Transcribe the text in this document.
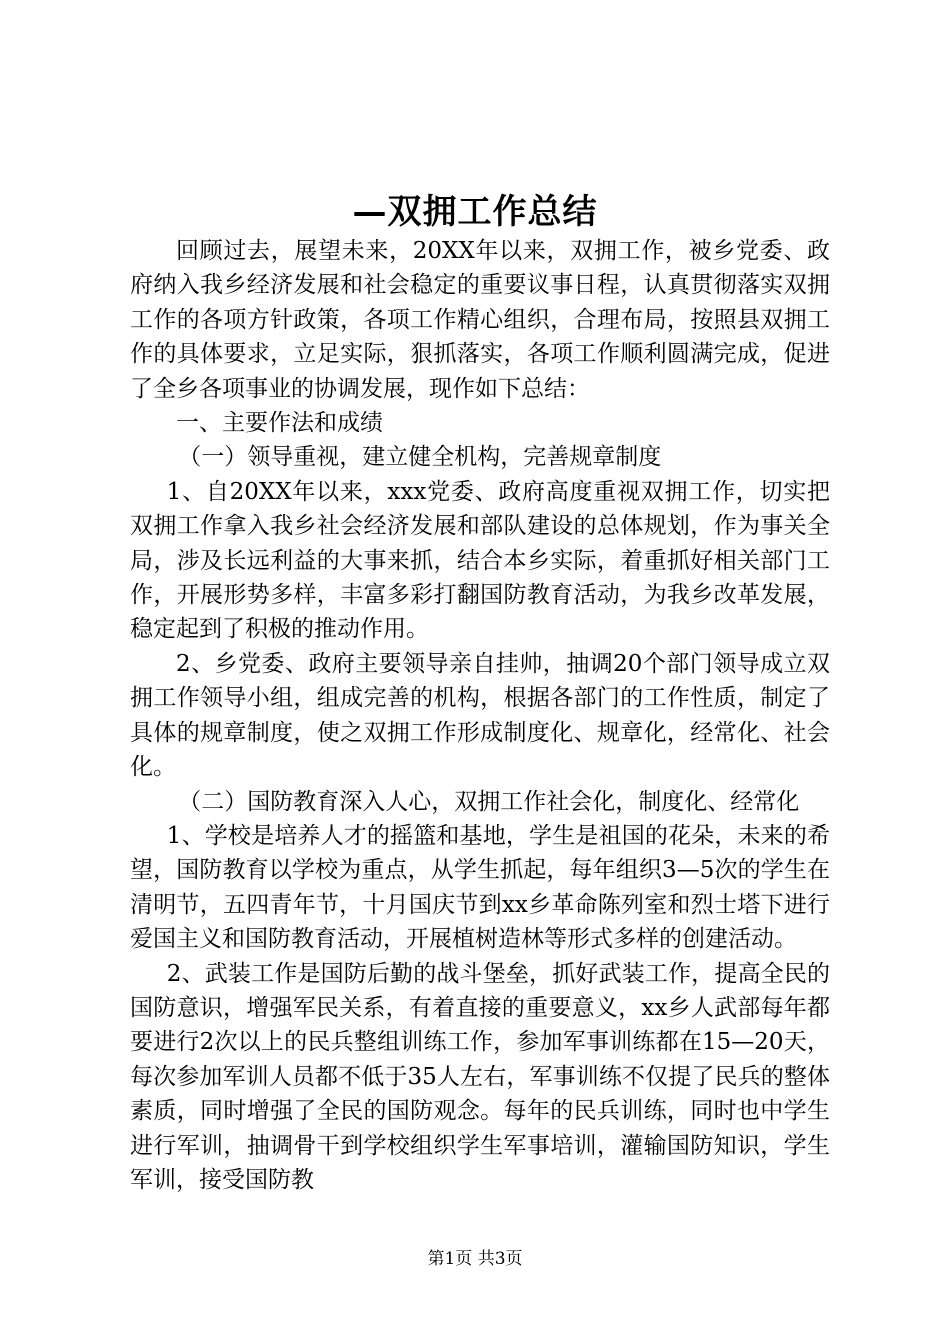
—双拥工作总结

回顾过去，展望未来，20XX年以来，双拥工作，被乡党委、政府纳入我乡经济发展和社会稳定的重要议事日程，认真贯彻落实双拥工作的各项方针政策，各项工作精心组织，合理布局，按照县双拥工作的具体要求，立足实际，狠抓落实，各项工作顺利圆满完成，促进了全乡各项事业的协调发展，现作如下总结：

一、主要作法和成绩

（一）领导重视，建立健全机构，完善规章制度

1、自20XX年以来，xxx党委、政府高度重视双拥工作，切实把双拥工作拿入我乡社会经济发展和部队建设的总体规划，作为事关全局，涉及长远利益的大事来抓，结合本乡实际，着重抓好相关部门工作，开展形势多样，丰富多彩打翻国防教育活动，为我乡改革发展，稳定起到了积极的推动作用。

2、乡党委、政府主要领导亲自挂帅，抽调20个部门领导成立双拥工作领导小组，组成完善的机构，根据各部门的工作性质，制定了具体的规章制度，使之双拥工作形成制度化、规章化，经常化、社会化。

（二）国防教育深入人心，双拥工作社会化，制度化、经常化

1、学校是培养人才的摇篮和基地，学生是祖国的花朵，未来的希望，国防教育以学校为重点，从学生抓起，每年组织3—5次的学生在清明节，五四青年节，十月国庆节到xx乡革命陈列室和烈士塔下进行爱国主义和国防教育活动，开展植树造林等形式多样的创建活动。

2、武装工作是国防后勤的战斗堡垒，抓好武装工作，提高全民的国防意识，增强军民关系，有着直接的重要意义，xx乡人武部每年都要进行2次以上的民兵整组训练工作，参加军事训练都在15—20天，每次参加军训人员都不低于35人左右，军事训练不仅提了民兵的整体素质，同时增强了全民的国防观念。每年的民兵训练，同时也中学生进行军训，抽调骨干到学校组织学生军事培训，灌输国防知识，学生军训，接受国防教

第1页 共3页
